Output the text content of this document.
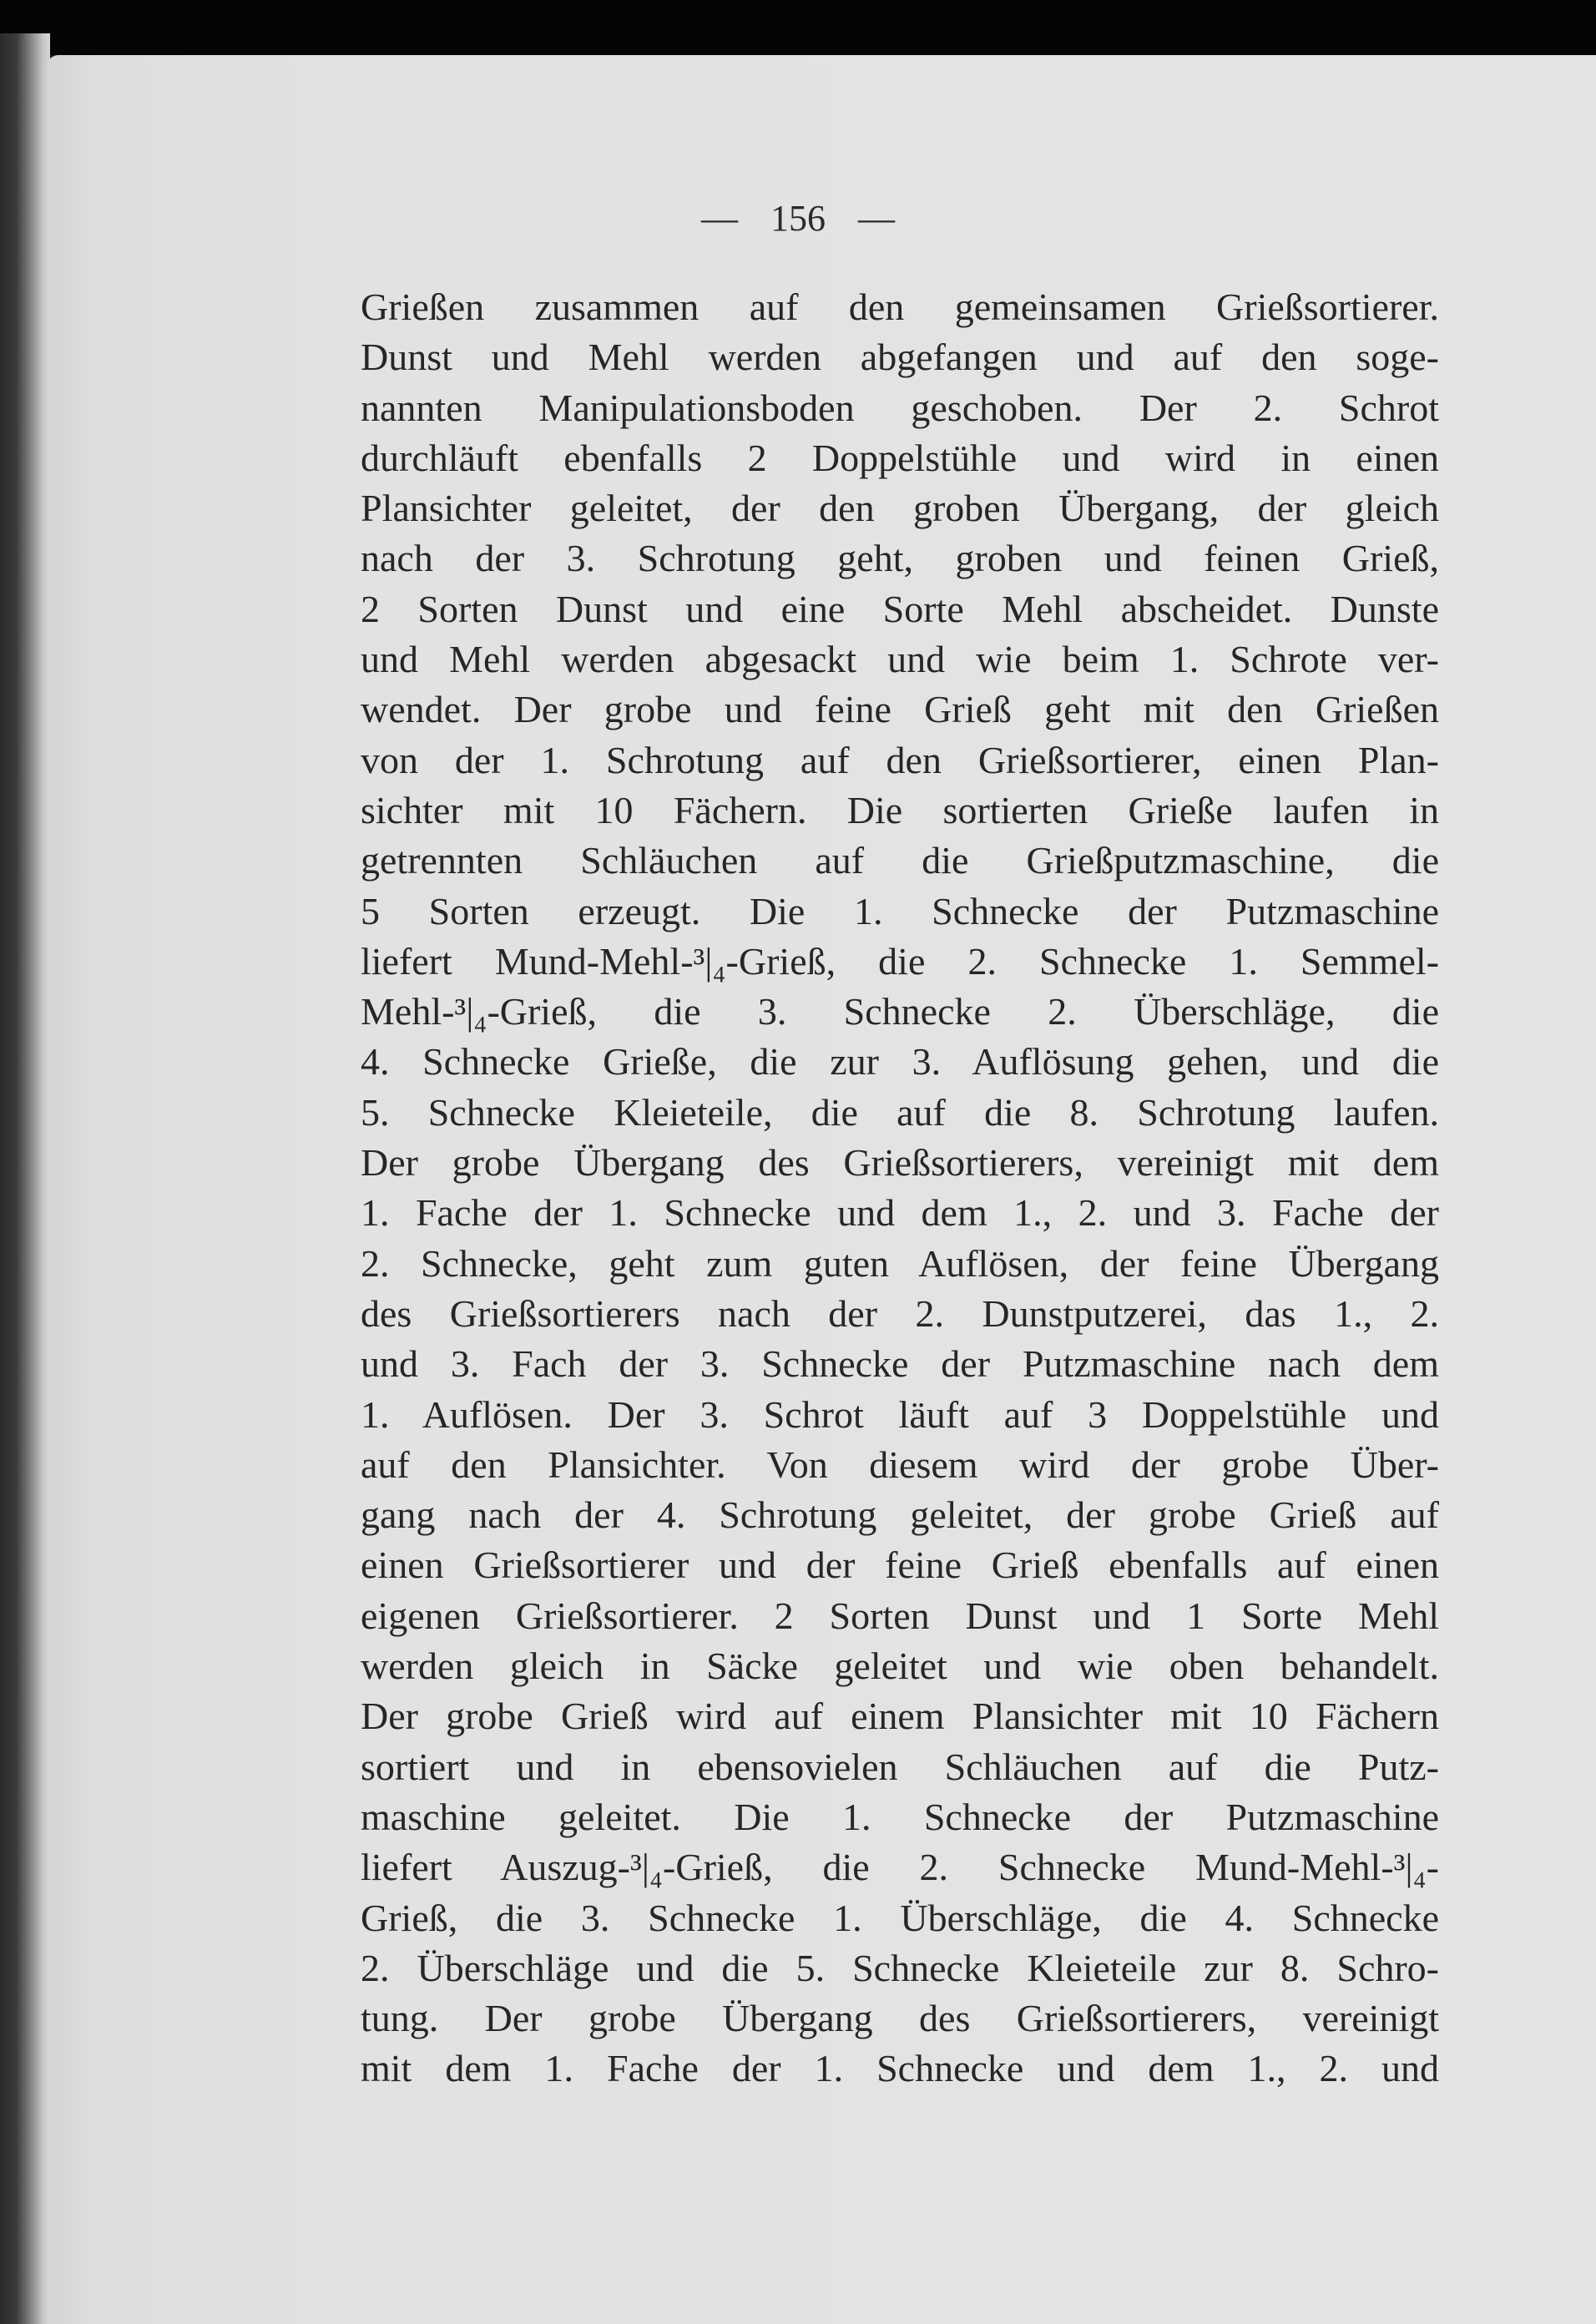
— 156 —
Grießen zusammen auf den gemeinsamen Grießsortierer.
Dunst und Mehl werden abgefangen und auf den soge-
nannten Manipulationsboden geschoben. Der 2. Schrot
durchläuft ebenfalls 2 Doppelstühle und wird in einen
Plansichter geleitet, der den groben Übergang, der gleich
nach der 3. Schrotung geht, groben und feinen Grieß,
2 Sorten Dunst und eine Sorte Mehl abscheidet. Dunste
und Mehl werden abgesackt und wie beim 1. Schrote ver-
wendet. Der grobe und feine Grieß geht mit den Grießen
von der 1. Schrotung auf den Grießsortierer, einen Plan-
sichter mit 10 Fächern. Die sortierten Grieße laufen in
getrennten Schläuchen auf die Grießputzmaschine, die
5 Sorten erzeugt. Die 1. Schnecke der Putzmaschine
liefert Mund-Mehl-³|₄-Grieß, die 2. Schnecke 1. Semmel-
Mehl-³|₄-Grieß, die 3. Schnecke 2. Überschläge, die
4. Schnecke Grieße, die zur 3. Auflösung gehen, und die
5. Schnecke Kleieteile, die auf die 8. Schrotung laufen.
Der grobe Übergang des Grießsortierers, vereinigt mit dem
1. Fache der 1. Schnecke und dem 1., 2. und 3. Fache der
2. Schnecke, geht zum guten Auflösen, der feine Übergang
des Grießsortierers nach der 2. Dunstputzerei, das 1., 2.
und 3. Fach der 3. Schnecke der Putzmaschine nach dem
1. Auflösen. Der 3. Schrot läuft auf 3 Doppelstühle und
auf den Plansichter. Von diesem wird der grobe Über-
gang nach der 4. Schrotung geleitet, der grobe Grieß auf
einen Grießsortierer und der feine Grieß ebenfalls auf einen
eigenen Grießsortierer. 2 Sorten Dunst und 1 Sorte Mehl
werden gleich in Säcke geleitet und wie oben behandelt.
Der grobe Grieß wird auf einem Plansichter mit 10 Fächern
sortiert und in ebensovielen Schläuchen auf die Putz-
maschine geleitet. Die 1. Schnecke der Putzmaschine
liefert Auszug-³|₄-Grieß, die 2. Schnecke Mund-Mehl-³|₄-
Grieß, die 3. Schnecke 1. Überschläge, die 4. Schnecke
2. Überschläge und die 5. Schnecke Kleieteile zur 8. Schro-
tung. Der grobe Übergang des Grießsortierers, vereinigt
mit dem 1. Fache der 1. Schnecke und dem 1., 2. und
